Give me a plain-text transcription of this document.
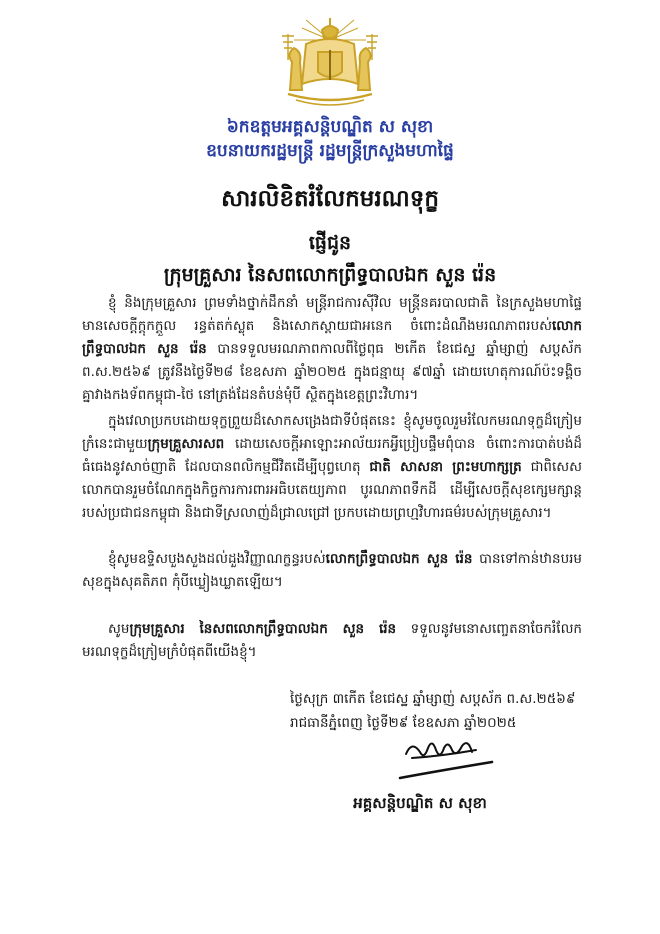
៦កឧត្តមអគ្គសន្ដិបណ្ឌិត ស សុខា
ឧបនាយករដ្ឋមន្ត្រី រដ្ឋមន្ត្រីក្រសួងមហាផ្ទៃ
សារលិខិតរំលែកមរណទុក្ខ
ផ្ញើជូន
ក្រុមគ្រួសារ នៃសពលោកព្រឹទ្ធបាលឯក សួន រ៉េន

ខ្ញុំ និងក្រុមគ្រួសារ ព្រមទាំងថ្នាក់ដឹកនាំ មន្ត្រីរាជការស៊ីវិល មន្ត្រីនគរបាលជាតិ នៃក្រសួងមហាផ្ទៃ មានសេចក្ដីក្ដុកក្ដួល រន្ធត់តក់ស្លុត និងសោកស្ដាយជាអនេក ចំពោះដំណឹងមរណភាពរបស់លោកព្រឹទ្ធបាលឯក សួន រ៉េន បានទទួលមរណភាពកាលពីថ្ងៃពុធ ២កើត ខែជេស្ឋ ឆ្នាំម្សាញ់ សប្ដស័ក ព.ស.២៥៦៩ ត្រូវនឹងថ្ងៃទី២៨ ខែឧសភា ឆ្នាំ២០២៥ ក្នុងជន្មាយុ ៩៧ឆ្នាំ ដោយហេតុការណ៍ប៉ះទង្គិចគ្នាវាងកងទ័ពកម្ពុជា-ថៃ នៅត្រង់ដែនតំបន់មុំបី ស្ថិតក្នុងខេត្តព្រះវិហារ។

ក្នុងវេលាប្រកបដោយទុក្ខព្រួយដ៏សោកសង្រេងជាទីបំផុតនេះ ខ្ញុំសូមចូលរួមរំលែកមរណទុក្ខដ៏ក្រៀមក្រំនេះជាមួយក្រុមគ្រួសារសព ដោយសេចក្ដីអាឡោះអាល័យរកអ្វីប្រៀបផ្ទឹមពុំបាន ចំពោះការបាត់បង់ដ៏ធំធេងនូវសាច់ញាតិ ដែលបានពលិកម្មជីវិតដើម្បីបុព្វហេតុ ជាតិ សាសនា ព្រះមហាក្សត្រ ជាពិសេសលោកបានរួមចំណែកក្នុងកិច្ចការការពារអធិបតេយ្យភាព បូរណភាពទឹកដី ដើម្បីសេចក្ដីសុខក្សេមក្សាន្តរបស់ប្រជាជនកម្ពុជា និងជាទីស្រលាញ់ដ៏ជ្រាលជ្រៅ ប្រកបដោយព្រហ្មវិហារធម៌របស់ក្រុមគ្រួសារ។

ខ្ញុំសូមឧទ្ទិសបួងសួងដល់ដួងវិញ្ញាណក្ខន្ធរបស់លោកព្រឹទ្ធបាលឯក សួន រ៉េន បានទៅកាន់ឋានបរមសុខក្នុងសុគតិភព កុំបីឃ្លៀងឃ្លាតឡើយ។

សូមក្រុមគ្រួសារ នៃសពលោកព្រឹទ្ធបាលឯក សួន រ៉េន ទទួលនូវមនោសញ្ចេតនាចែករំលែកមរណទុក្ខដ៏ក្រៀមក្រំបំផុតពីយើងខ្ញុំ។

ថ្ងៃសុក្រ ៣កើត ខែជេស្ឋ ឆ្នាំម្សាញ់ សប្ដស័ក ព.ស.២៥៦៩
រាជធានីភ្នំពេញ ថ្ងៃទី២៩ ខែឧសភា ឆ្នាំ២០២៥
អគ្គសន្ដិបណ្ឌិត ស សុខា
